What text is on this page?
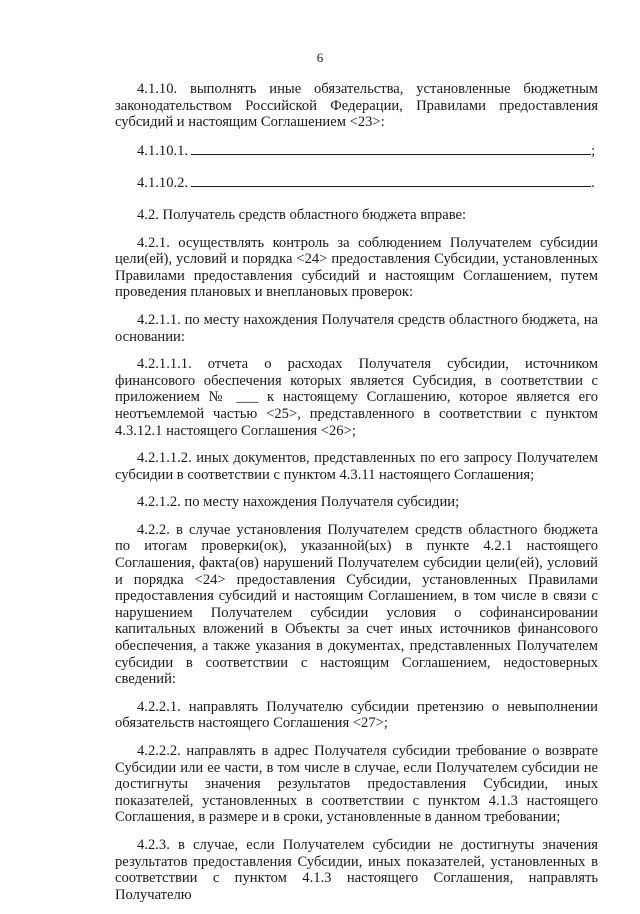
6

4.1.10. выполнять иные обязательства, установленные бюджетным законодательством Российской Федерации, Правилами предоставления субсидий и настоящим Соглашением <23>:

4.1.10.1.	;
4.1.10.2.	.

4.2. Получатель средств областного бюджета вправе:

4.2.1. осуществлять контроль за соблюдением Получателем субсидии цели(ей), условий и порядка <24> предоставления Субсидии, установленных Правилами предоставления субсидий и настоящим Соглашением, путем проведения плановых и внеплановых проверок:

4.2.1.1. по месту нахождения Получателя средств областного бюджета, на основании:

4.2.1.1.1. отчета о расходах Получателя субсидии, источником финансового обеспечения которых является Субсидия, в соответствии с приложением № ___ к настоящему Соглашению, которое является его неотъемлемой частью <25>, представленного в соответствии с пунктом 4.3.12.1 настоящего Соглашения <26>;

4.2.1.1.2. иных документов, представленных по его запросу Получателем субсидии в соответствии с пунктом 4.3.11 настоящего Соглашения;

4.2.1.2. по месту нахождения Получателя субсидии;

4.2.2. в случае установления Получателем средств областного бюджета по итогам проверки(ок), указанной(ых) в пункте 4.2.1 настоящего Соглашения, факта(ов) нарушений Получателем субсидии цели(ей), условий и порядка <24> предоставления Субсидии, установленных Правилами предоставления субсидий и настоящим Соглашением, в том числе в связи с нарушением Получателем субсидии условия о софинансировании капитальных вложений в Объекты за счет иных источников финансового обеспечения, а также указания в документах, представленных Получателем субсидии в соответствии с настоящим Соглашением, недостоверных сведений:

4.2.2.1. направлять Получателю субсидии претензию о невыполнении обязательств настоящего Соглашения <27>;

4.2.2.2. направлять в адрес Получателя субсидии требование о возврате Субсидии или ее части, в том числе в случае, если Получателем субсидии не достигнуты значения результатов предоставления Субсидии, иных показателей, установленных в соответствии с пунктом 4.1.3 настоящего Соглашения, в размере и в сроки, установленные в данном требовании;

4.2.3. в случае, если Получателем субсидии не достигнуты значения результатов предоставления Субсидии, иных показателей, установленных в соответствии с пунктом 4.1.3 настоящего Соглашения, направлять Получателю
